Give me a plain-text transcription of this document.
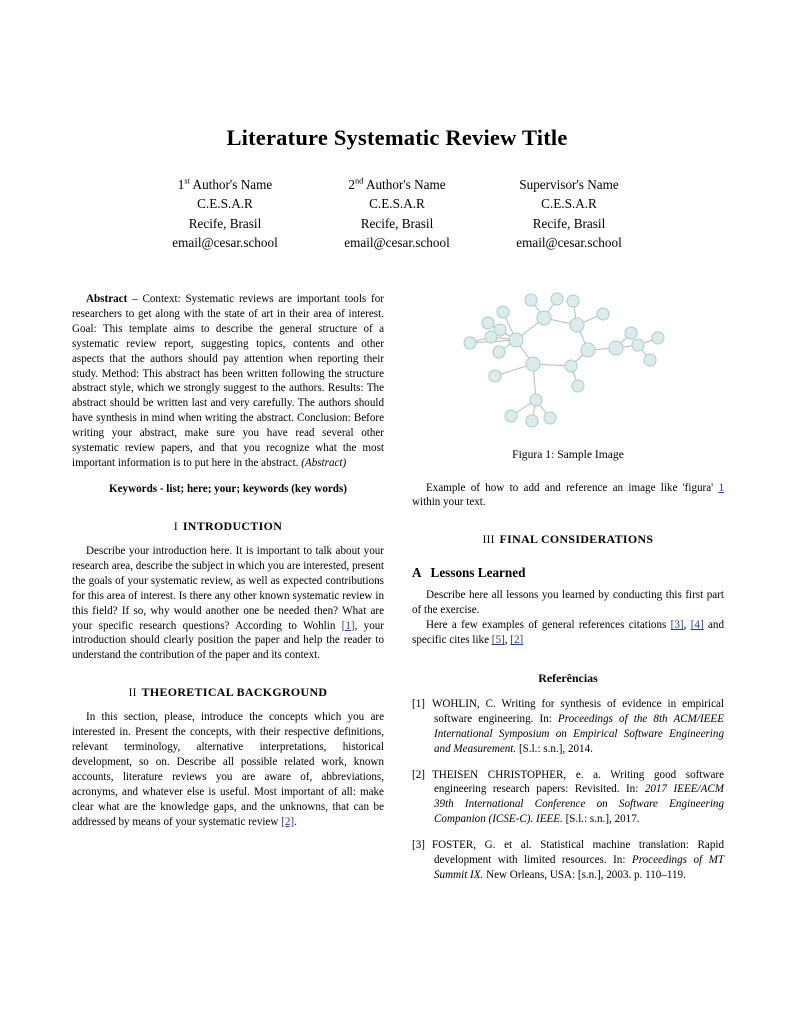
Literature Systematic Review Title
1st Author's Name
C.E.S.A.R
Recife, Brasil
email@cesar.school
2nd Author's Name
C.E.S.A.R
Recife, Brasil
email@cesar.school
Supervisor's Name
C.E.S.A.R
Recife, Brasil
email@cesar.school

Abstract – Context: Systematic reviews are important tools for researchers to get along with the state of art in their area of interest. Goal: This template aims to describe the general structure of a systematic review report, suggesting topics, contents and other aspects that the authors should pay attention when reporting their study. Method: This abstract has been written following the structure abstract style, which we strongly suggest to the authors. Results: The abstract should be written last and very carefully. The authors should have synthesis in mind when writing the abstract. Conclusion: Before writing your abstract, make sure you have read several other systematic review papers, and that you recognize what the most important information is to put here in the abstract. (Abstract)

Keywords - list; here; your; keywords (key words)
I INTRODUCTION

Describe your introduction here. It is important to talk about your research area, describe the subject in which you are interested, present the goals of your systematic review, as well as expected contributions for this area of interest. Is there any other known systematic review in this field? If so, why would another one be needed then? What are your specific research questions? According to Wohlin [1], your introduction should clearly position the paper and help the reader to understand the contribution of the paper and its context.

II THEORETICAL BACKGROUND

In this section, please, introduce the concepts which you are interested in. Present the concepts, with their respective definitions, relevant terminology, alternative interpretations, historical development, so on. Describe all possible related work, known accounts, literature reviews you are aware of, abbreviations, acronyms, and whatever else is useful. Most important of all: make clear what are the knowledge gaps, and the unknowns, that can be addressed by means of your systematic review [2].

Figura 1: Sample Image

Example of how to add and reference an image like 'figura' 1 within your text.

III FINAL CONSIDERATIONS
A Lessons Learned

Describe here all lessons you learned by conducting this first part of the exercise.

Here a few examples of general references citations [3], [4] and specific cites like [5], [2]

Referências

[1] WOHLIN, C. Writing for synthesis of evidence in empirical software engineering. In: Proceedings of the 8th ACM/IEEE International Symposium on Empirical Software Engineering and Measurement. [S.l.: s.n.], 2014.

[2] THEISEN CHRISTOPHER, e. a. Writing good software engineering research papers: Revisited. In: 2017 IEEE/ACM 39th International Conference on Software Engineering Companion (ICSE-C). IEEE. [S.l.: s.n.], 2017.

[3] FOSTER, G. et al. Statistical machine translation: Rapid development with limited resources. In: Proceedings of MT Summit IX. New Orleans, USA: [s.n.], 2003. p. 110–119.
